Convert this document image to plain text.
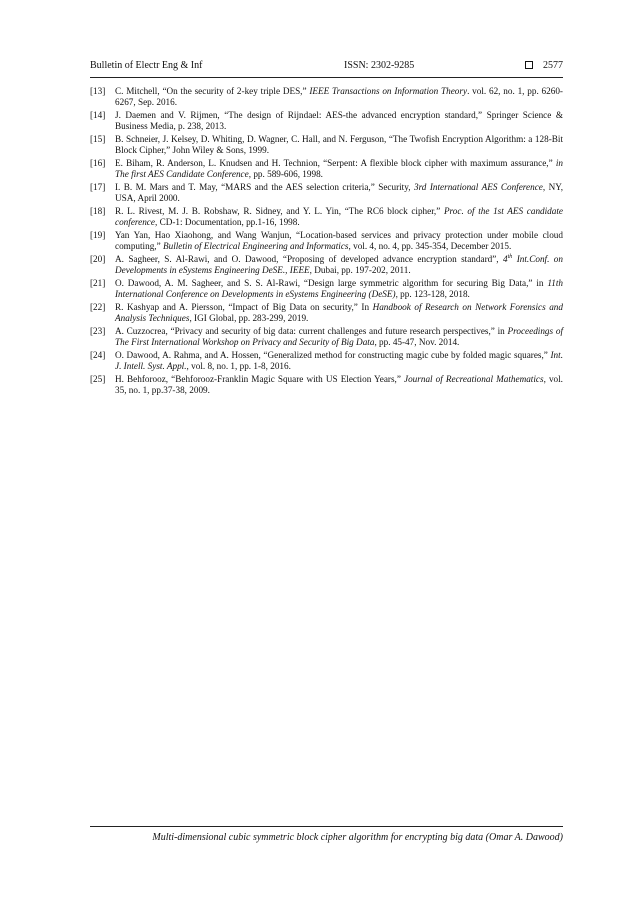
Bulletin of Electr Eng & Inf	ISSN: 2302-9285	2577
[13] C. Mitchell, “On the security of 2-key triple DES,” IEEE Transactions on Information Theory. vol. 62, no. 1, pp. 6260-6267, Sep. 2016.
[14] J. Daemen and V. Rijmen, “The design of Rijndael: AES-the advanced encryption standard,” Springer Science & Business Media, p. 238, 2013.
[15] B. Schneier, J. Kelsey, D. Whiting, D. Wagner, C. Hall, and N. Ferguson, “The Twofish Encryption Algorithm: a 128-Bit Block Cipher,” John Wiley & Sons, 1999.
[16] E. Biham, R. Anderson, L. Knudsen and H. Technion, “Serpent: A flexible block cipher with maximum assurance,” in The first AES Candidate Conference, pp. 589-606, 1998.
[17] I. B. M. Mars and T. May, “MARS and the AES selection criteria,” Security, 3rd International AES Conference, NY, USA, April 2000.
[18] R. L. Rivest, M. J. B. Robshaw, R. Sidney, and Y. L. Yin, “The RC6 block cipher,” Proc. of the 1st AES candidate conference, CD-1: Documentation, pp.1-16, 1998.
[19] Yan Yan, Hao Xiaohong, and Wang Wanjun, “Location-based services and privacy protection under mobile cloud computing,” Bulletin of Electrical Engineering and Informatics, vol. 4, no. 4, pp. 345-354, December 2015.
[20] A. Sagheer, S. Al-Rawi, and O. Dawood, “Proposing of developed advance encryption standard”, 4th Int.Conf. on Developments in eSystems Engineering DeSE., IEEE, Dubai, pp. 197-202, 2011.
[21] O. Dawood, A. M. Sagheer, and S. S. Al-Rawi, “Design large symmetric algorithm for securing Big Data,” in 11th International Conference on Developments in eSystems Engineering (DeSE), pp. 123-128, 2018.
[22] R. Kashyap and A. Piersson, “Impact of Big Data on security,” In Handbook of Research on Network Forensics and Analysis Techniques, IGI Global, pp. 283-299, 2019.
[23] A. Cuzzocrea, “Privacy and security of big data: current challenges and future research perspectives,” in Proceedings of The First International Workshop on Privacy and Security of Big Data, pp. 45-47, Nov. 2014.
[24] O. Dawood, A. Rahma, and A. Hossen, “Generalized method for constructing magic cube by folded magic squares,” Int. J. Intell. Syst. Appl., vol. 8, no. 1, pp. 1-8, 2016.
[25] H. Behforooz, “Behforooz-Franklin Magic Square with US Election Years,” Journal of Recreational Mathematics, vol. 35, no. 1, pp.37-38, 2009.
Multi-dimensional cubic symmetric block cipher algorithm for encrypting big data (Omar A. Dawood)
